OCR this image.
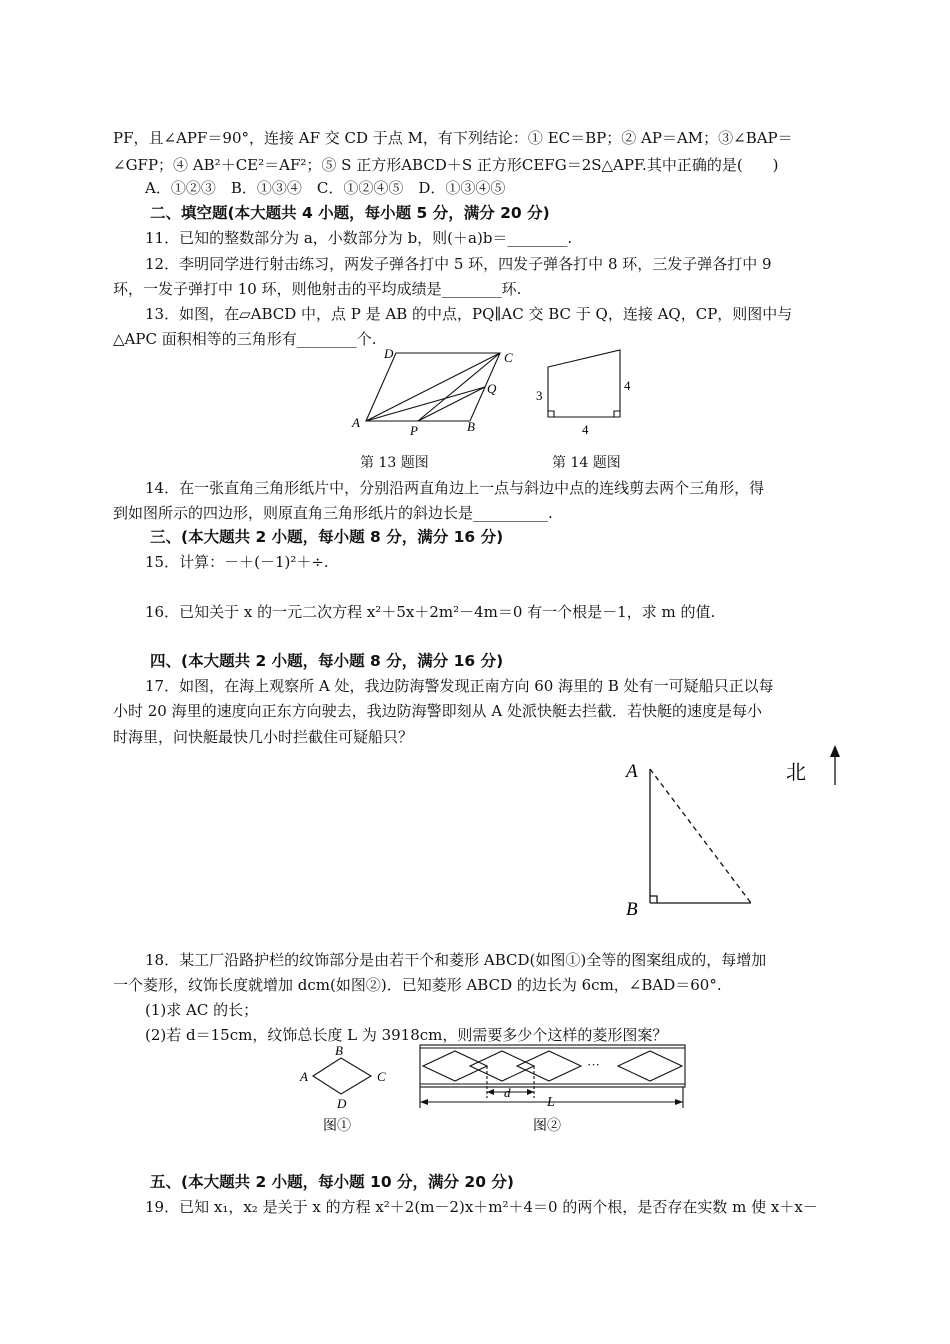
PF，且∠APF＝90°，连接 AF 交 CD 于点 M，有下列结论：① EC＝BP；② AP＝AM；③∠BAP＝
∠GFP；④ AB²＋CE²＝AF²；⑤ S 正方形ABCD＋S 正方形CEFG＝2S△APF.其中正确的是(　　)
A．①②③　B．①③④　C．①②④⑤　D．①③④⑤
二、填空题(本大题共 4 小题，每小题 5 分，满分 20 分)
11．已知的整数部分为 a，小数部分为 b，则(＋a)b＝________.
12．李明同学进行射击练习，两发子弹各打中 5 环，四发子弹各打中 8 环，三发子弹各打中 9
环，一发子弹打中 10 环，则他射击的平均成绩是________环.
13．如图，在▱ABCD 中，点 P 是 AB 的中点，PQ∥AC 交 BC 于 Q，连接 AQ，CP，则图中与
△APC 面积相等的三角形有________个.
D	C
Q
A
P	B
第 13 题图
3
4
4
第 14 题图
14．在一张直角三角形纸片中，分别沿两直角边上一点与斜边中点的连线剪去两个三角形，得
到如图所示的四边形，则原直角三角形纸片的斜边长是__________.
三、(本大题共 2 小题，每小题 8 分，满分 16 分)
15．计算：－＋(－1)²＋÷.
16．已知关于 x 的一元二次方程 x²＋5x＋2m²－4m＝0 有一个根是－1，求 m 的值.
四、(本大题共 2 小题，每小题 8 分，满分 16 分)
17．如图，在海上观察所 A 处，我边防海警发现正南方向 60 海里的 B 处有一可疑船只正以每
小时 20 海里的速度向正东方向驶去，我边防海警即刻从 A 处派快艇去拦截．若快艇的速度是每小
时海里，问快艇最快几小时拦截住可疑船只？
A
B
北
18．某工厂沿路护栏的纹饰部分是由若干个和菱形 ABCD(如图①)全等的图案组成的，每增加
一个菱形，纹饰长度就增加 dcm(如图②)．已知菱形 ABCD 的边长为 6cm，∠BAD＝60°.
(1)求 AC 的长；
(2)若 d＝15cm，纹饰总长度 L 为 3918cm，则需要多少个这样的菱形图案？
B
A	C
D
图①
···
d
L
图②
五、(本大题共 2 小题，每小题 10 分，满分 20 分)
19．已知 x₁，x₂ 是关于 x 的方程 x²＋2(m－2)x＋m²＋4＝0 的两个根，是否存在实数 m 使 x＋x－
